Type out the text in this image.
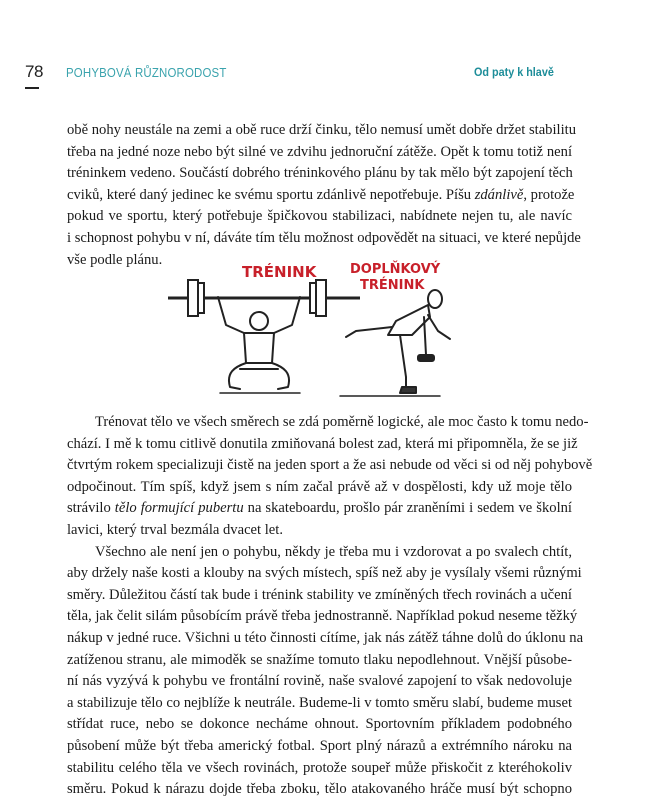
78 POHYBOVÁ RŮZNORODOST	Od paty k hlavě

obě nohy neustále na zemi a obě ruce drží činku, tělo nemusí umět dobře držet stabilitu
třeba na jedné noze nebo být silné ve zdvihu jednoruční zátěže. Opět k tomu totiž není
tréninkem vedeno. Součástí dobrého tréninkového plánu by tak mělo být zapojení těch
cviků, které daný jedinec ke svému sportu zdánlivě nepotřebuje. Píšu zdánlivě, protože
pokud ve sportu, který potřebuje špičkovou stabilizaci, nabídnete nejen tu, ale navíc
i schopnost pohybu v ní, dáváte tím tělu možnost odpovědět na situaci, ve které nepůjde
vše podle plánu.

TRÉNINK	DOPLŇKOVÝ
TRÉNINK

Trénovat tělo ve všech směrech se zdá poměrně logické, ale moc často k tomu nedo-
chází. I mě k tomu citlivě donutila zmiňovaná bolest zad, která mi připomněla, že se již
čtvrtým rokem specializuji čistě na jeden sport a že asi nebude od věci si od něj pohybově
odpočinout. Tím spíš, když jsem s ním začal právě až v dospělosti, kdy už moje tělo
strávilo tělo formující pubertu na skateboardu, prošlo pár zraněními i sedem ve školní
lavici, který trval bezmála dvacet let.

Všechno ale není jen o pohybu, někdy je třeba mu i vzdorovat a po svalech chtít,
aby držely naše kosti a klouby na svých místech, spíš než aby je vysílaly všemi různými
směry. Důležitou částí tak bude i trénink stability ve zmíněných třech rovinách a učení
těla, jak čelit silám působícím právě třeba jednostranně. Například pokud neseme těžký
nákup v jedné ruce. Všichni u této činnosti cítíme, jak nás zátěž táhne dolů do úklonu na
zatíženou stranu, ale mimoděk se snažíme tomuto tlaku nepodlehnout. Vnější působe-
ní nás vyzývá k pohybu ve frontální rovině, naše svalové zapojení to však nedovoluje
a stabilizuje tělo co nejblíže k neutrále. Budeme-li v tomto směru slabí, budeme muset
střídat ruce, nebo se dokonce necháme ohnout. Sportovním příkladem podobného
působení může být třeba americký fotbal. Sport plný nárazů a extrémního nároku na
stabilitu celého těla ve všech rovinách, protože soupeř může přiskočit z kteréhokoliv
směru. Pokud k nárazu dojde třeba zboku, tělo atakovaného hráče musí být schopno
